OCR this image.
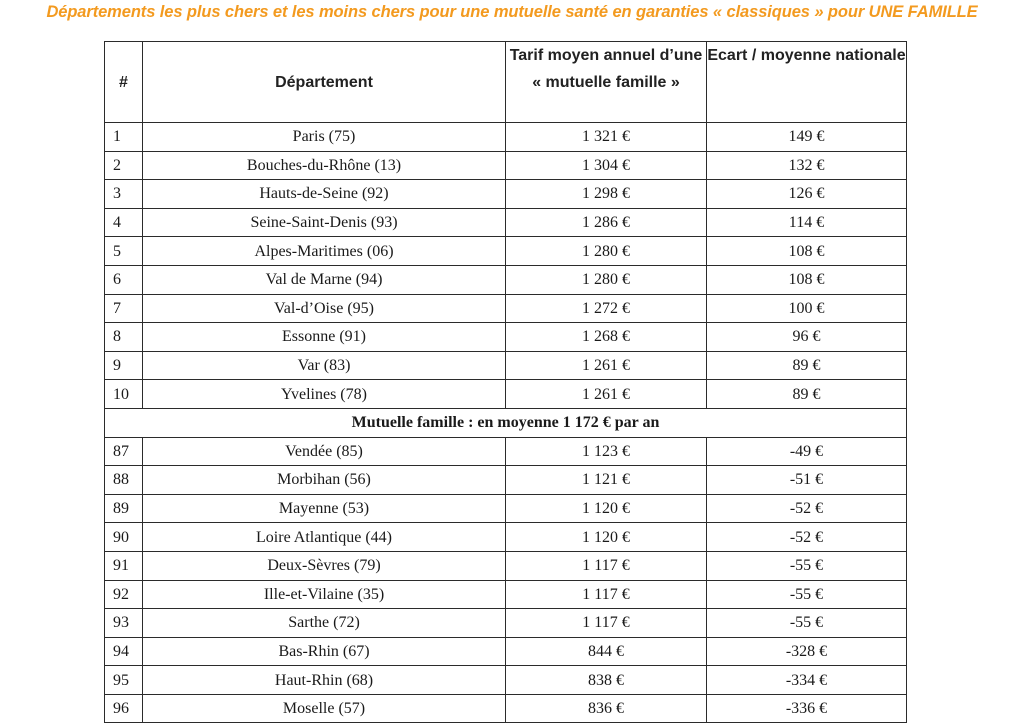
Départements les plus chers et les moins chers pour une mutuelle santé en garanties « classiques » pour UNE FAMILLE
#	Département	Tarif moyen annuel d’une « mutuelle famille »	Ecart / moyenne nationale
1	Paris (75)	1 321 €	149 €
2	Bouches-du-Rhône (13)	1 304 €	132 €
3	Hauts-de-Seine (92)	1 298 €	126 €
4	Seine-Saint-Denis (93)	1 286 €	114 €
5	Alpes-Maritimes (06)	1 280 €	108 €
6	Val de Marne (94)	1 280 €	108 €
7	Val-d’Oise (95)	1 272 €	100 €
8	Essonne (91)	1 268 €	96 €
9	Var (83)	1 261 €	89 €
10	Yvelines (78)	1 261 €	89 €
Mutuelle famille : en moyenne 1 172 € par an			
87	Vendée (85)	1 123 €	-49 €
88	Morbihan (56)	1 121 €	-51 €
89	Mayenne (53)	1 120 €	-52 €
90	Loire Atlantique (44)	1 120 €	-52 €
91	Deux-Sèvres (79)	1 117 €	-55 €
92	Ille-et-Vilaine (35)	1 117 €	-55 €
93	Sarthe (72)	1 117 €	-55 €
94	Bas-Rhin (67)	844 €	-328 €
95	Haut-Rhin (68)	838 €	-334 €
96	Moselle (57)	836 €	-336 €
